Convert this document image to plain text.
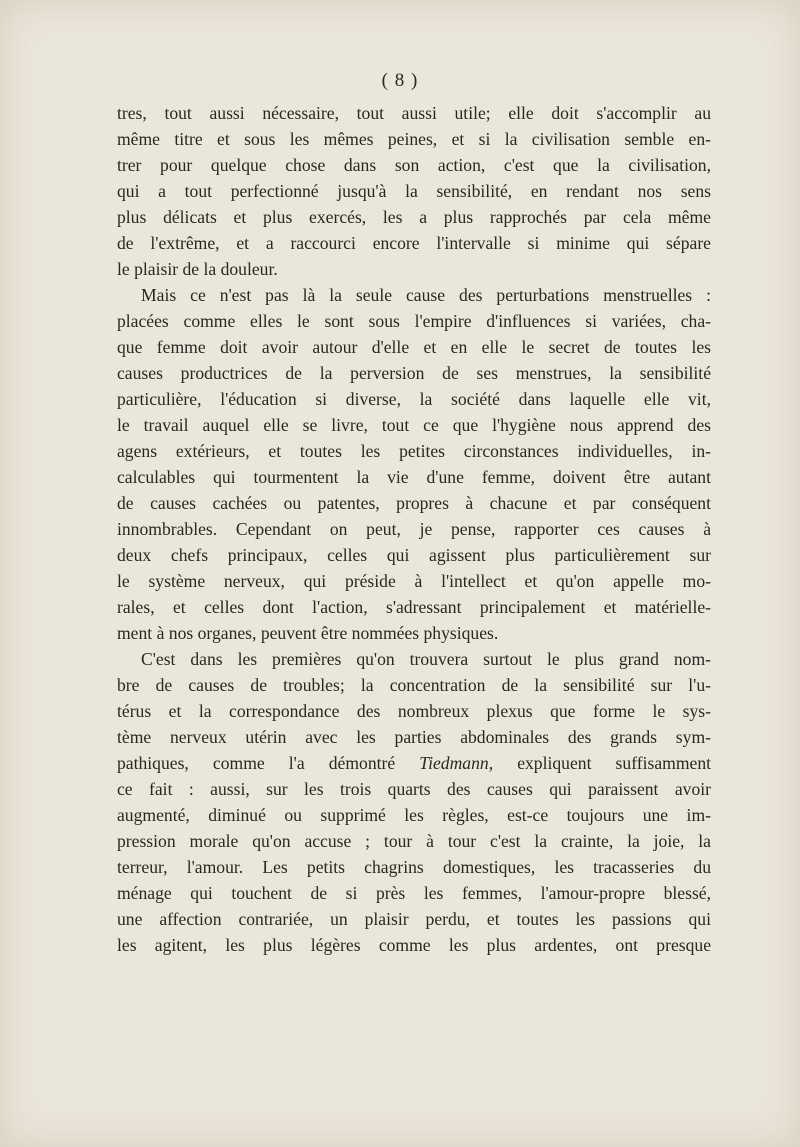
( 8 )
tres, tout aussi nécessaire, tout aussi utile; elle doit s'accomplir au
même titre et sous les mêmes peines, et si la civilisation semble en-
trer pour quelque chose dans son action, c'est que la civilisation,
qui a tout perfectionné jusqu'à la sensibilité, en rendant nos sens
plus délicats et plus exercés, les a plus rapprochés par cela même
de l'extrême, et a raccourci encore l'intervalle si minime qui sépare
le plaisir de la douleur.
Mais ce n'est pas là la seule cause des perturbations menstruelles :
placées comme elles le sont sous l'empire d'influences si variées, cha-
que femme doit avoir autour d'elle et en elle le secret de toutes les
causes productrices de la perversion de ses menstrues, la sensibilité
particulière, l'éducation si diverse, la société dans laquelle elle vit,
le travail auquel elle se livre, tout ce que l'hygiène nous apprend des
agens extérieurs, et toutes les petites circonstances individuelles, in-
calculables qui tourmentent la vie d'une femme, doivent être autant
de causes cachées ou patentes, propres à chacune et par conséquent
innombrables. Cependant on peut, je pense, rapporter ces causes à
deux chefs principaux, celles qui agissent plus particulièrement sur
le système nerveux, qui préside à l'intellect et qu'on appelle mo-
rales, et celles dont l'action, s'adressant principalement et matérielle-
ment à nos organes, peuvent être nommées physiques.
C'est dans les premières qu'on trouvera surtout le plus grand nom-
bre de causes de troubles; la concentration de la sensibilité sur l'u-
térus et la correspondance des nombreux plexus que forme le sys-
tème nerveux utérin avec les parties abdominales des grands sym-
pathiques, comme l'a démontré Tiedmann, expliquent suffisamment
ce fait : aussi, sur les trois quarts des causes qui paraissent avoir
augmenté, diminué ou supprimé les règles, est-ce toujours une im-
pression morale qu'on accuse ; tour à tour c'est la crainte, la joie, la
terreur, l'amour. Les petits chagrins domestiques, les tracasseries du
ménage qui touchent de si près les femmes, l'amour-propre blessé,
une affection contrariée, un plaisir perdu, et toutes les passions qui
les agitent, les plus légères comme les plus ardentes, ont presque
